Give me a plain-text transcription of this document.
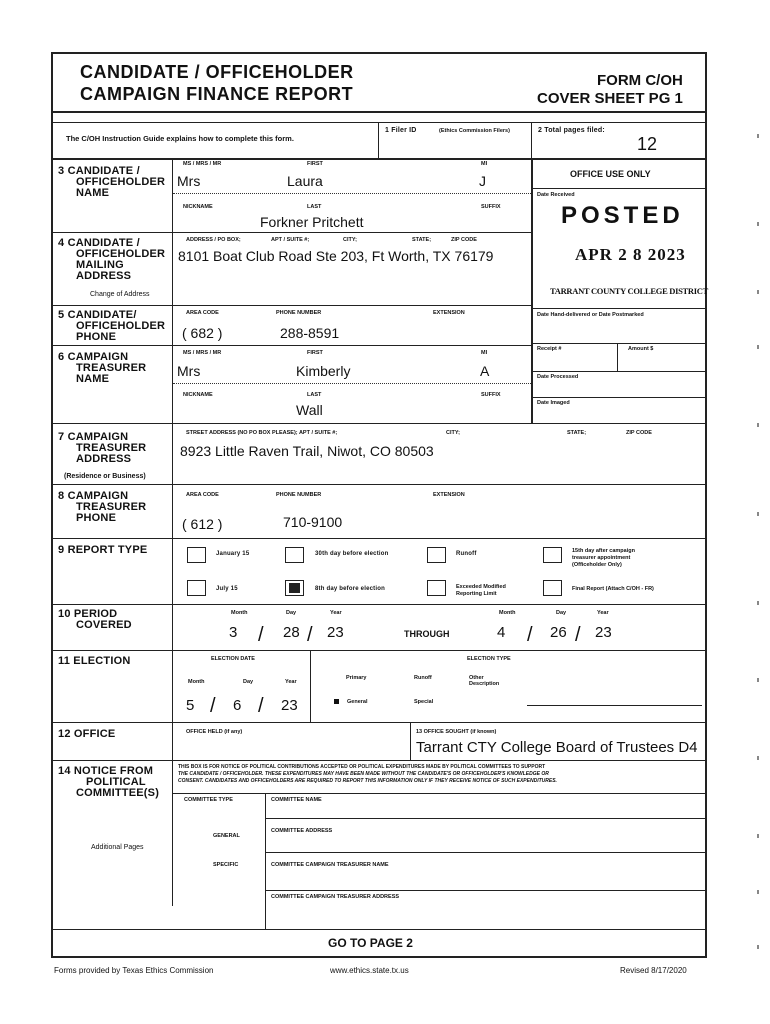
CANDIDATE / OFFICEHOLDER
CAMPAIGN FINANCE REPORT
FORM C/OH
COVER SHEET PG 1
The C/OH Instruction Guide explains how to complete this form.
1 Filer ID	(Ethics Commission Filers)	2 Total pages filed:
12
OFFICE USE ONLY
Date Received
POSTED
APR 2 8 2023
TARRANT COUNTY COLLEGE DISTRICT
Date Hand-delivered or Date Postmarked
Receipt #	Amount $
Date Processed
Date Imaged
3 CANDIDATE /
OFFICEHOLDER
NAME
MS / MRS / MR	FIRST	MI
Mrs	Laura	J
NICKNAME	LAST	SUFFIX
Forkner Pritchett
4 CANDIDATE /
OFFICEHOLDER
MAILING
ADDRESS
Change of Address
ADDRESS / PO BOX;	APT / SUITE #;	CITY;	STATE;	ZIP CODE
8101 Boat Club Road Ste 203, Ft Worth, TX 76179
5 CANDIDATE/
OFFICEHOLDER
PHONE
AREA CODE	PHONE NUMBER	EXTENSION
( 682 )	288-8591
6 CAMPAIGN
TREASURER
NAME
MS / MRS / MR	FIRST	MI
Mrs	Kimberly	A
NICKNAME	LAST	SUFFIX
Wall
7 CAMPAIGN
TREASURER
ADDRESS
(Residence or Business)
STREET ADDRESS (NO PO BOX PLEASE); APT / SUITE #;	CITY;	STATE;	ZIP CODE
8923 Little Raven Trail, Niwot, CO 80503
8 CAMPAIGN
TREASURER
PHONE
AREA CODE	PHONE NUMBER	EXTENSION
( 612 )	710-9100
9 REPORT TYPE	January 15	30th day before election	Runoff	15th day after campaign
treasurer appointment
(Officeholder Only)
July 15	8th day before election	Exceeded Modified
Reporting Limit
Final Report (Attach C/OH - FR)
10 PERIOD
COVERED
Month	Day	Year
3 / 28 / 23	THROUGH
Month	Day	Year
4 / 26 / 23
11 ELECTION	ELECTION DATE	ELECTION TYPE
Month	Day	Year
5 / 6 / 23
Primary	Runoff	Other
Description
General	Special
12 OFFICE	OFFICE HELD (if any)	13 OFFICE SOUGHT (if known)
Tarrant CTY College Board of Trustees D4
14 NOTICE FROM
POLITICAL
COMMITTEE(S)
Additional Pages
THIS BOX IS FOR NOTICE OF POLITICAL CONTRIBUTIONS ACCEPTED OR POLITICAL EXPENDITURES MADE BY POLITICAL COMMITTEES TO SUPPORT
THE CANDIDATE / OFFICEHOLDER. THESE EXPENDITURES MAY HAVE BEEN MADE WITHOUT THE CANDIDATE'S OR OFFICEHOLDER'S KNOWLEDGE OR
CONSENT. CANDIDATES AND OFFICEHOLDERS ARE REQUIRED TO REPORT THIS INFORMATION ONLY IF THEY RECEIVE NOTICE OF SUCH EXPENDITURES.
COMMITTEE TYPE	COMMITTEE NAME
GENERAL
COMMITTEE ADDRESS
SPECIFIC	COMMITTEE CAMPAIGN TREASURER NAME
COMMITTEE CAMPAIGN TREASURER ADDRESS
GO TO PAGE 2
Forms provided by Texas Ethics Commission	www.ethics.state.tx.us	Revised 8/17/2020
